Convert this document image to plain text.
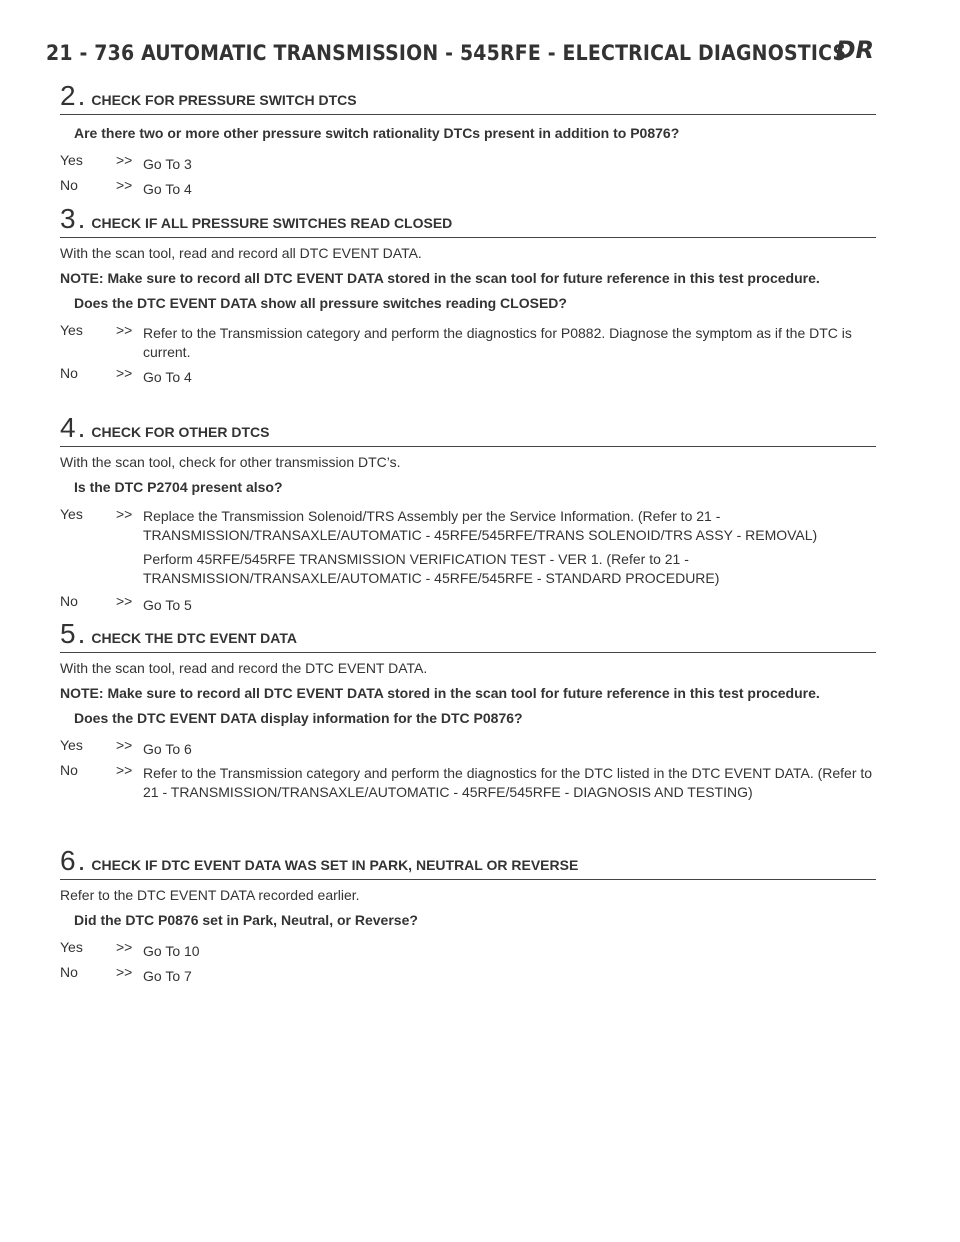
21 - 736 AUTOMATIC TRANSMISSION - 545RFE - ELECTRICAL DIAGNOSTICS
DR
2 . CHECK FOR PRESSURE SWITCH DTCS

Are there two or more other pressure switch rationality DTCs present in addition to P0876?

Yes	>> Go To 3

No	>> Go To 4

3 . CHECK IF ALL PRESSURE SWITCHES READ CLOSED

With the scan tool, read and record all DTC EVENT DATA.

NOTE: Make sure to record all DTC EVENT DATA stored in the scan tool for future reference in this test procedure.

Does the DTC EVENT DATA show all pressure switches reading CLOSED?

Yes	>> Refer to the Transmission category and perform the diagnostics for P0882. Diagnose the symptom as if the DTC is current.

No	>> Go To 4

4 . CHECK FOR OTHER DTCS

With the scan tool, check for other transmission DTC’s.

Is the DTC P2704 present also?

Yes	>> Replace the Transmission Solenoid/TRS Assembly per the Service Information. (Refer to 21 - TRANSMISSION/TRANSAXLE/AUTOMATIC - 45RFE/545RFE/TRANS SOLENOID/TRS ASSY - REMOVAL)

Perform 45RFE/545RFE TRANSMISSION VERIFICATION TEST - VER 1. (Refer to 21 - TRANSMISSION/TRANSAXLE/AUTOMATIC - 45RFE/545RFE - STANDARD PROCEDURE)

No	>> Go To 5

5 . CHECK THE DTC EVENT DATA

With the scan tool, read and record the DTC EVENT DATA.

NOTE: Make sure to record all DTC EVENT DATA stored in the scan tool for future reference in this test procedure.

Does the DTC EVENT DATA display information for the DTC P0876?

Yes	>> Go To 6

No	>> Refer to the Transmission category and perform the diagnostics for the DTC listed in the DTC EVENT DATA. (Refer to 21 - TRANSMISSION/TRANSAXLE/AUTOMATIC - 45RFE/545RFE - DIAGNOSIS AND TESTING)

6 . CHECK IF DTC EVENT DATA WAS SET IN PARK, NEUTRAL OR REVERSE

Refer to the DTC EVENT DATA recorded earlier.

Did the DTC P0876 set in Park, Neutral, or Reverse?

Yes	>> Go To 10

No	>> Go To 7
